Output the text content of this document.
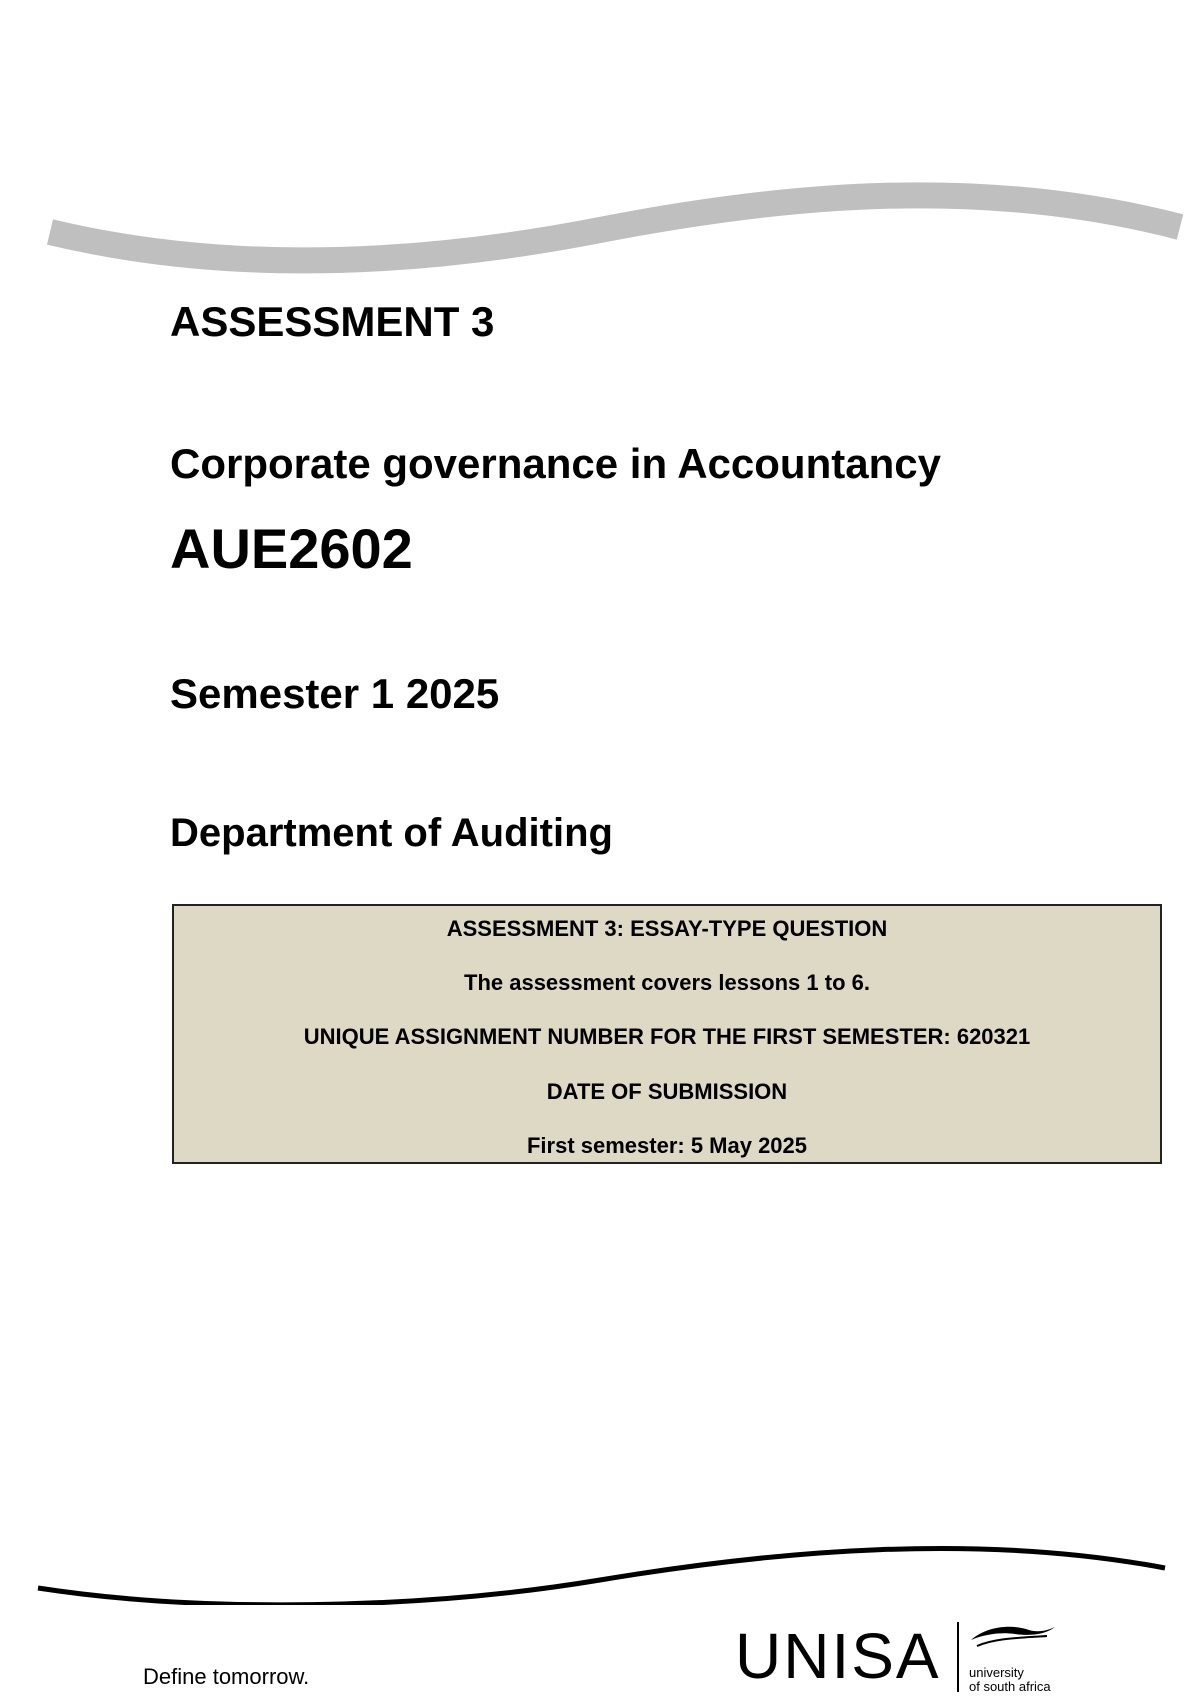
ASSESSMENT 3
Corporate governance in Accountancy
AUE2602
Semester 1 2025
Department of Auditing
ASSESSMENT 3: ESSAY-TYPE QUESTION
The assessment covers lessons 1 to 6.
UNIQUE ASSIGNMENT NUMBER FOR THE FIRST SEMESTER: 620321
DATE OF SUBMISSION
First semester: 5 May 2025
Define tomorrow.	UNISA university
of south africa
